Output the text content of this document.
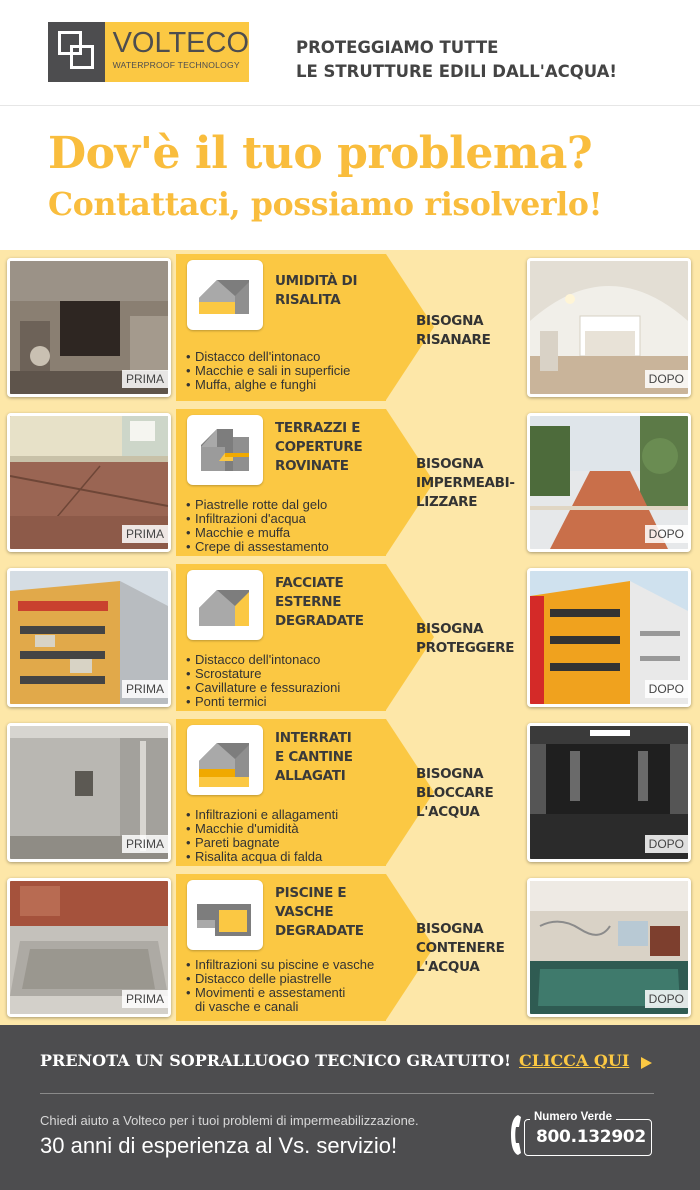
VOLTECO
WATERPROOF TECHNOLOGY
PROTEGGIAMO TUTTE
LE STRUTTURE EDILI DALL'ACQUA!
Dov'è il tuo problema?
Contattaci, possiamo risolverlo!
PRIMA
UMIDITÀ DI
RISALITA
• Distacco dell'intonaco
• Macchie e sali in superficie
• Muffa, alghe e funghi
BISOGNA
RISANARE
DOPO
PRIMA
TERRAZZI E
COPERTURE
ROVINATE
• Piastrelle rotte dal gelo
• Infiltrazioni d'acqua
• Macchie e muffa
• Crepe di assestamento
BISOGNA
IMPERMEABI-
LIZZARE
DOPO
PRIMA
FACCIATE
ESTERNE
DEGRADATE
• Distacco dell'intonaco
• Scrostature
• Cavillature e fessurazioni
• Ponti termici
BISOGNA
PROTEGGERE
DOPO
PRIMA
INTERRATI
E CANTINE
ALLAGATI
• Infiltrazioni e allagamenti
• Macchie d'umidità
• Pareti bagnate
• Risalita acqua di falda
BISOGNA
BLOCCARE
L'ACQUA
DOPO
PRIMA
PISCINE E
VASCHE
DEGRADATE
• Infiltrazioni su piscine e vasche
• Distacco delle piastrelle
• Movimenti e assestamenti
di vasche e canali
BISOGNA
CONTENERE
L'ACQUA
DOPO
PRENOTA UN SOPRALLUOGO TECNICO GRATUITO! CLICCA QUI
Chiedi aiuto a Volteco per i tuoi problemi di impermeabilizzazione.
30 anni di esperienza al Vs. servizio!
Numero Verde
800.132902
